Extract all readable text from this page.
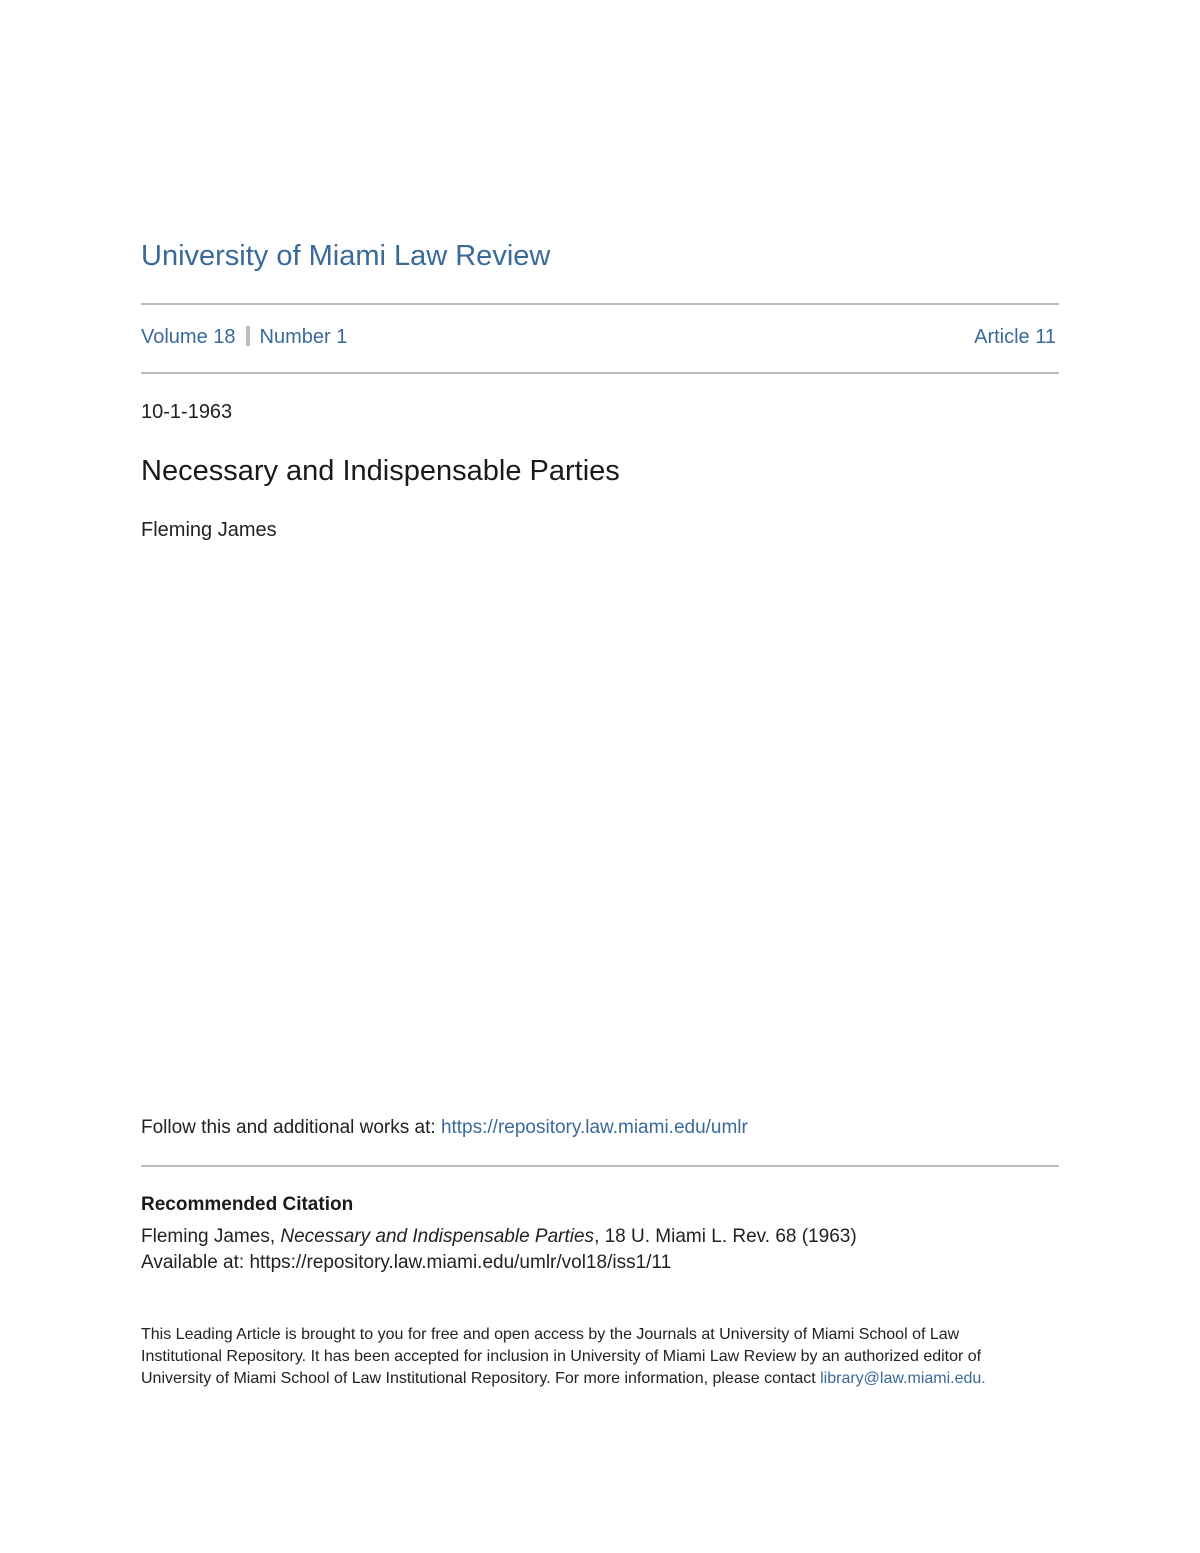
University of Miami Law Review
Volume 18 Number 1	Article 11
10-1-1963
Necessary and Indispensable Parties
Fleming James
Follow this and additional works at: https://repository.law.miami.edu/umlr
Recommended Citation
Fleming James, Necessary and Indispensable Parties, 18 U. Miami L. Rev. 68 (1963)
Available at: https://repository.law.miami.edu/umlr/vol18/iss1/11
This Leading Article is brought to you for free and open access by the Journals at University of Miami School of Law Institutional Repository. It has been accepted for inclusion in University of Miami Law Review by an authorized editor of University of Miami School of Law Institutional Repository. For more information, please contact library@law.miami.edu.
